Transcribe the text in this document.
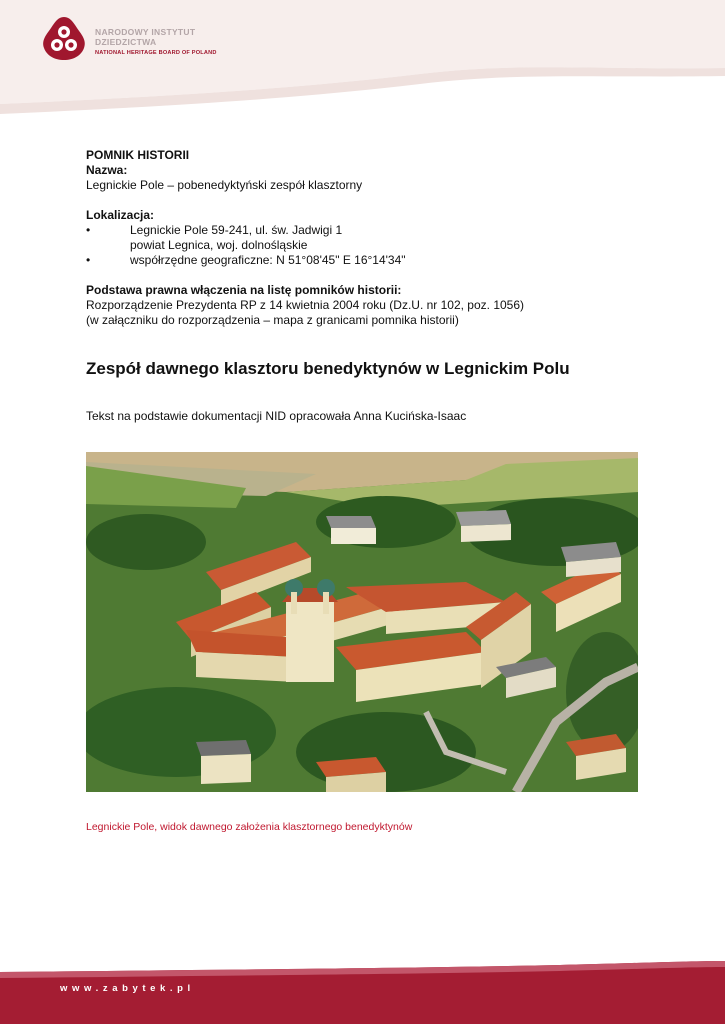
NARODOWY INSTYTUT
DZIEDZICTWA
NATIONAL HERITAGE BOARD OF POLAND
POMNIK HISTORII
Nazwa:
Legnickie Pole – pobenedyktyński zespół klasztorny
Lokalizacja:
•	Legnickie Pole 59-241, ul. św. Jadwigi 1
powiat Legnica, woj. dolnośląskie
•	współrzędne geograficzne: N 51°08'45" E 16°14'34"
Podstawa prawna włączenia na listę pomników historii:
Rozporządzenie Prezydenta RP z 14 kwietnia 2004 roku (Dz.U. nr 102, poz. 1056)
(w załączniku do rozporządzenia – mapa z granicami pomnika historii)
Zespół dawnego klasztoru benedyktynów w Legnickim Polu
Tekst na podstawie dokumentacji NID opracowała Anna Kucińska-Isaac
Legnickie Pole, widok dawnego założenia klasztornego benedyktynów
www.zabytek.pl
